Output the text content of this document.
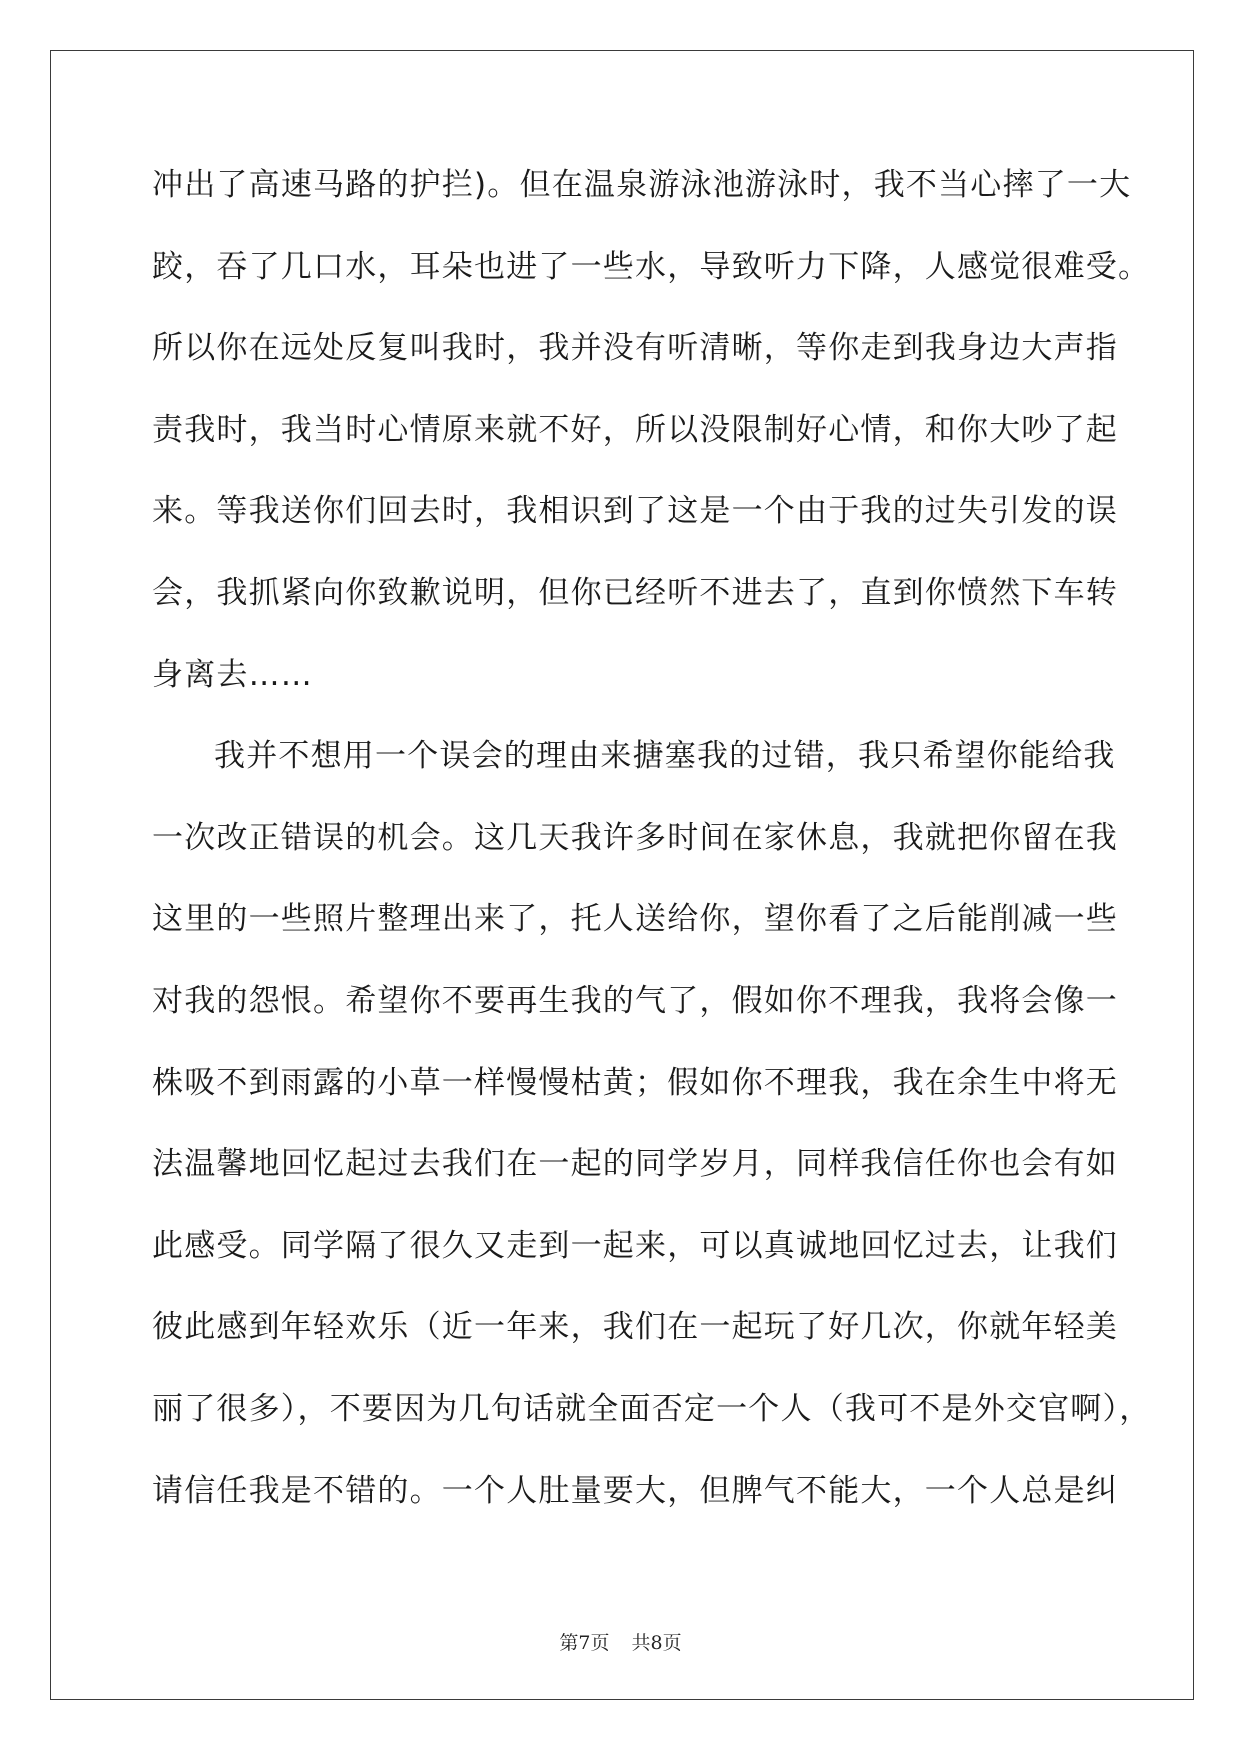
冲出了高速马路的护拦)。但在温泉游泳池游泳时，我不当心摔了一大
跤，吞了几口水，耳朵也进了一些水，导致听力下降，人感觉很难受。
所以你在远处反复叫我时，我并没有听清晰，等你走到我身边大声指
责我时，我当时心情原来就不好，所以没限制好心情，和你大吵了起
来。等我送你们回去时，我相识到了这是一个由于我的过失引发的误
会，我抓紧向你致歉说明，但你已经听不进去了，直到你愤然下车转
身离去……
我并不想用一个误会的理由来搪塞我的过错，我只希望你能给我
一次改正错误的机会。这几天我许多时间在家休息，我就把你留在我
这里的一些照片整理出来了，托人送给你，望你看了之后能削减一些
对我的怨恨。希望你不要再生我的气了，假如你不理我，我将会像一
株吸不到雨露的小草一样慢慢枯黄；假如你不理我，我在余生中将无
法温馨地回忆起过去我们在一起的同学岁月，同样我信任你也会有如
此感受。同学隔了很久又走到一起来，可以真诚地回忆过去，让我们
彼此感到年轻欢乐（近一年来，我们在一起玩了好几次，你就年轻美
丽了很多），不要因为几句话就全面否定一个人（我可不是外交官啊），
请信任我是不错的。一个人肚量要大，但脾气不能大，一个人总是纠
第7页 共8页
